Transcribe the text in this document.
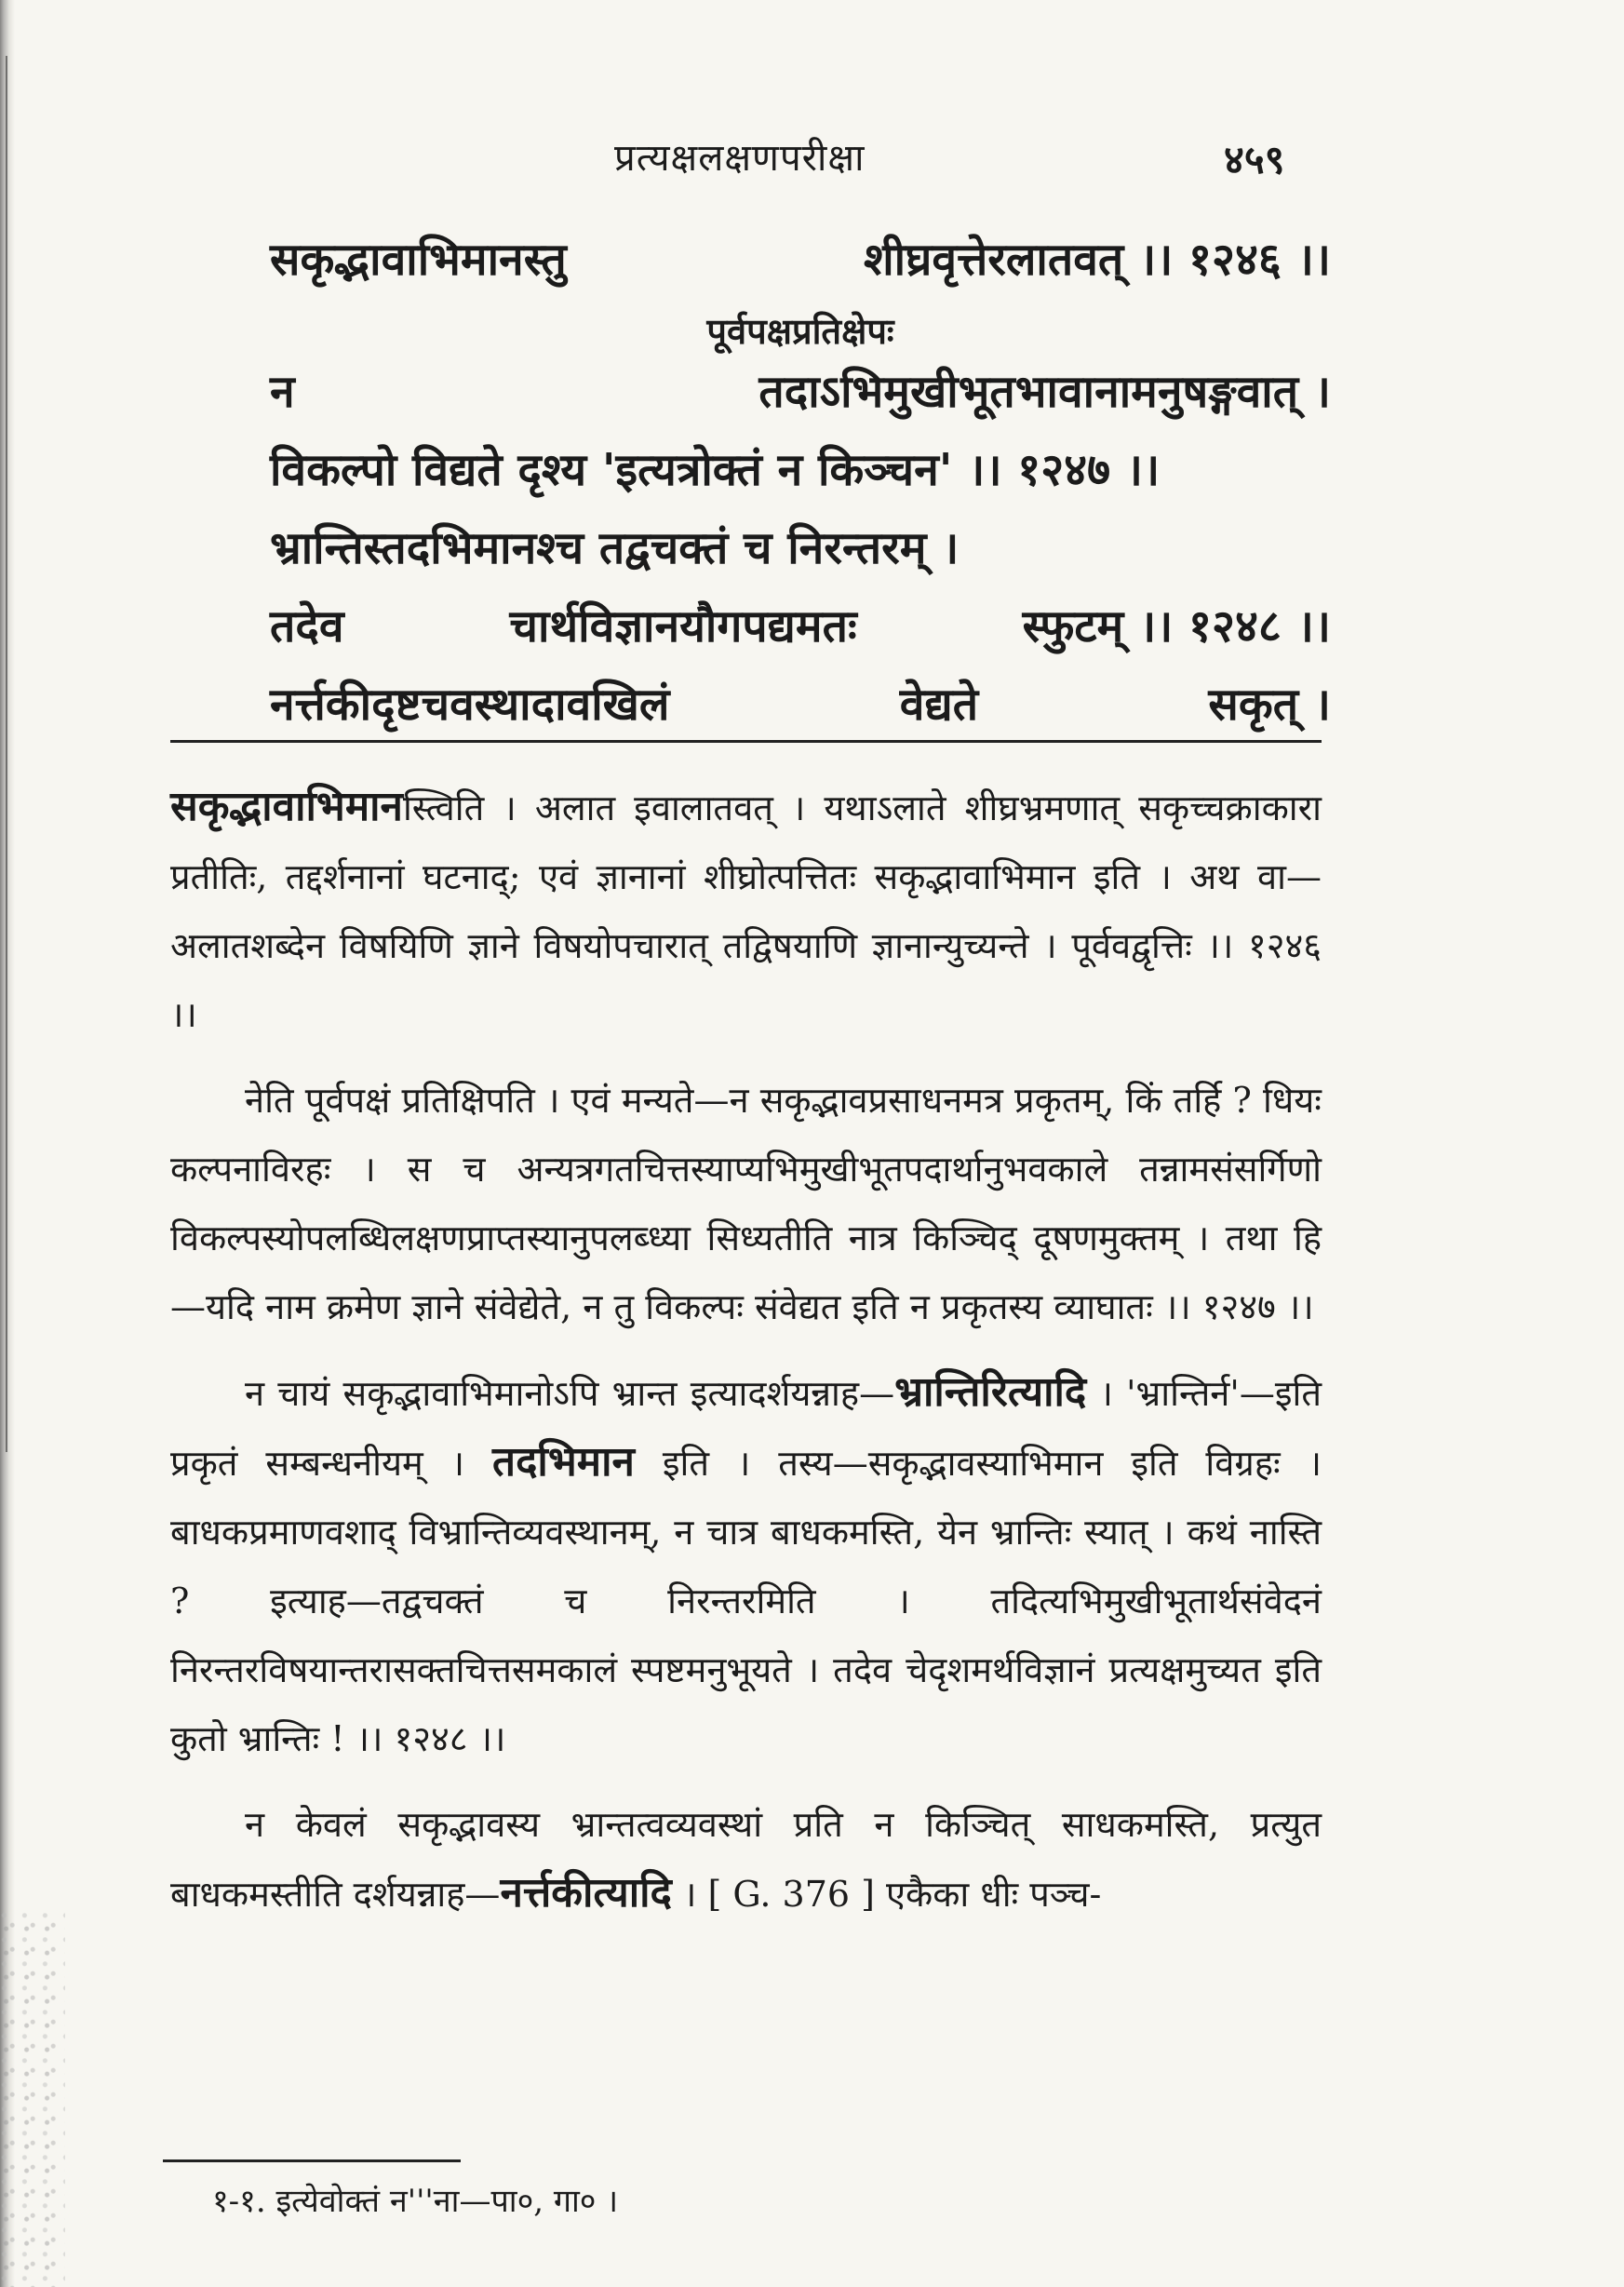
प्रत्यक्षलक्षणपरीक्षा	४५९
सकृद्भावाभिमानस्तु	शीघ्रवृत्तेरलातवत् ।। १२४६ ।।
पूर्वपक्षप्रतिक्षेपः
न	तदाऽभिमुखीभूतभावानामनुषङ्गवात् ।
विकल्पो विद्यते दृश्य 'इत्यत्रोक्तं न किञ्चन' ।। १२४७ ।।
भ्रान्तिस्तदभिमानश्च तद्वचक्तं च निरन्तरम् ।
तदेव	चार्थविज्ञानयौगपद्यमतः	स्फुटम् ।। १२४८ ।।
नर्त्तकीदृष्टचवस्थादावखिलं	वेद्यते	सकृत् ।

सकृद्भावाभिमानस्त्विति । अलात इवालातवत् । यथाऽलाते शीघ्रभ्रमणात् सकृच्चक्राकारा प्रतीतिः, तद्दर्शनानां घटनाद्; एवं ज्ञानानां शीघ्रोत्पत्तितः सकृद्भावाभिमान इति । अथ वा—अलातशब्देन विषयिणि ज्ञाने विषयोपचारात् तद्विषयाणि ज्ञानान्युच्यन्ते । पूर्ववद्वृत्तिः ।। १२४६ ।।

नेति पूर्वपक्षं प्रतिक्षिपति । एवं मन्यते—न सकृद्भावप्रसाधनमत्र प्रकृतम्, किं तर्हि ? धियः कल्पनाविरहः । स च अन्यत्रगतचित्तस्याप्यभिमुखीभूतपदार्थानुभवकाले तन्नामसंसर्गिणो विकल्पस्योपलब्धिलक्षणप्राप्तस्यानुपलब्ध्या सिध्यतीति नात्र किञ्चिद् दूषणमुक्तम् । तथा हि—यदि नाम क्रमेण ज्ञाने संवेद्येते, न तु विकल्पः संवेद्यत इति न प्रकृतस्य व्याघातः ।। १२४७ ।।

न चायं सकृद्भावाभिमानोऽपि भ्रान्त इत्यादर्शयन्नाह—भ्रान्तिरित्यादि । 'भ्रान्तिर्न'—इति प्रकृतं सम्बन्धनीयम् । तदभिमान इति । तस्य—सकृद्भावस्याभिमान इति विग्रहः । बाधकप्रमाणवशाद् विभ्रान्तिव्यवस्थानम्, न चात्र बाधकमस्ति, येन भ्रान्तिः स्यात् । कथं नास्ति ? इत्याह—तद्वचक्तं च निरन्तरमिति । तदित्यभिमुखीभूतार्थसंवेदनं निरन्तरविषयान्तरासक्तचित्तसमकालं स्पष्टमनुभूयते । तदेव चेदृशमर्थविज्ञानं प्रत्यक्षमुच्यत इति कुतो भ्रान्तिः ! ।। १२४८ ।।

न केवलं सकृद्भावस्य भ्रान्तत्वव्यवस्थां प्रति न किञ्चित् साधकमस्ति, प्रत्युत बाधकमस्तीति दर्शयन्नाह—नर्त्तकीत्यादि । [ G. 376 ] एकैका धीः पञ्च-

१-१. इत्येवोक्तं न'''ना—पा०, गा० ।
